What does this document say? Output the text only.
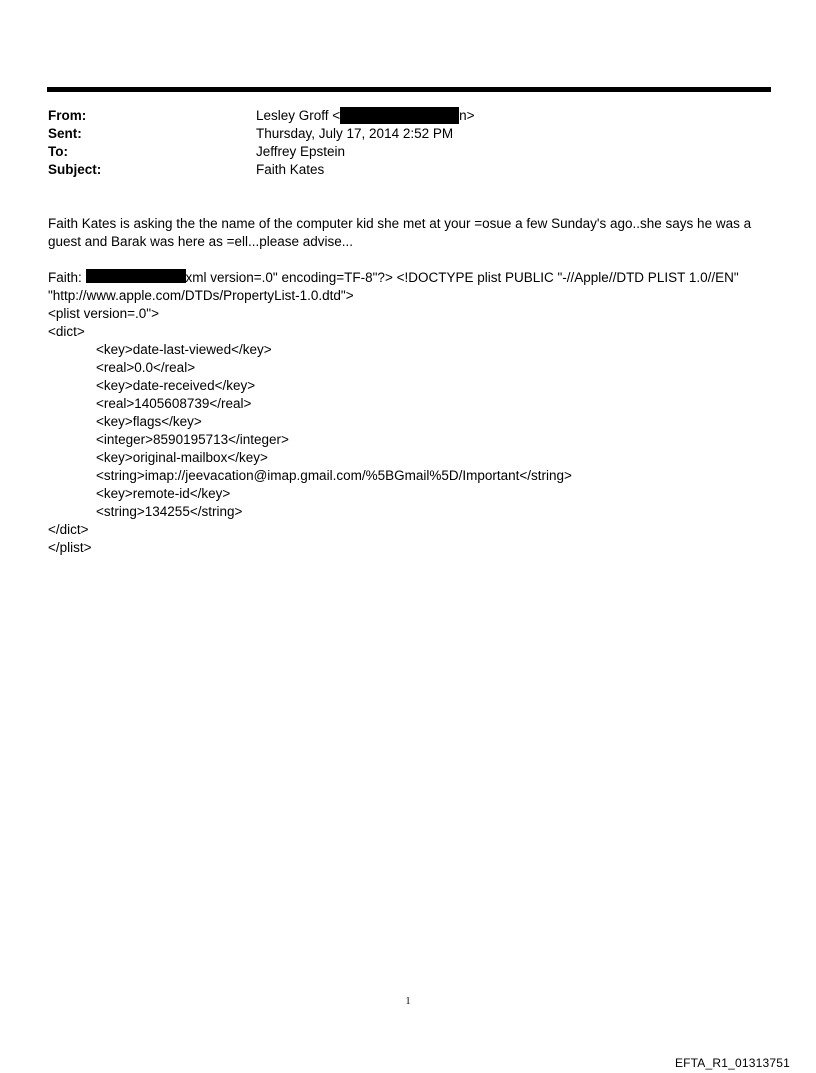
From:	Lesley Groff <	n>
Sent:	Thursday, July 17, 2014 2:52 PM
To:	Jeffrey Epstein
Subject:	Faith Kates

Faith Kates is asking the the name of the computer kid she met at your =osue a few Sunday's ago..she says he was a guest and Barak was here as =ell...please advise...

Faith:	xml version=.0" encoding=TF-8"?> <!DOCTYPE plist PUBLIC "-//Apple//DTD PLIST 1.0//EN"
"http://www.apple.com/DTDs/PropertyList-1.0.dtd">
<plist version=.0">
<dict>
<key>date-last-viewed</key>
<real>0.0</real>
<key>date-received</key>
<real>1405608739</real>
<key>flags</key>
<integer>8590195713</integer>
<key>original-mailbox</key>
<string>imap://jeevacation@imap.gmail.com/%5BGmail%5D/Important</string>
<key>remote-id</key>
<string>134255</string>
</dict>
</plist>
1
EFTA_R1_01313751
